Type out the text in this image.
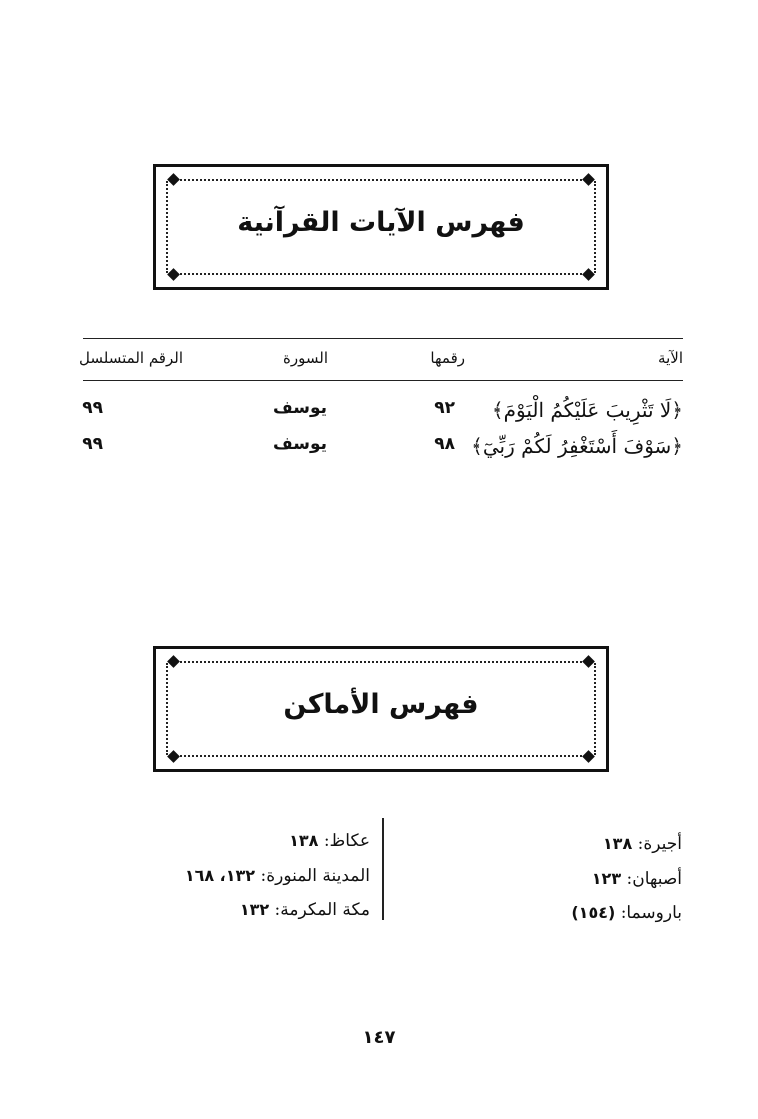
فهرس الآيات القرآنية
الآية
رقمها
السورة
الرقم المتسلسل
﴿لَا تَثْرِيبَ عَلَيْكُمُ الْيَوْمَ﴾
٩٢
يوسف
٩٩
﴿سَوْفَ أَسْتَغْفِرُ لَكُمْ رَبِّيٓ﴾
٩٨
يوسف
٩٩
فهرس الأماكن
أجيرة: ١٣٨
أصبهان: ١٢٣
باروسما: (١٥٤)
عكاظ: ١٣٨
المدينة المنورة: ١٣٢، ١٦٨
مكة المكرمة: ١٣٢
١٤٧
